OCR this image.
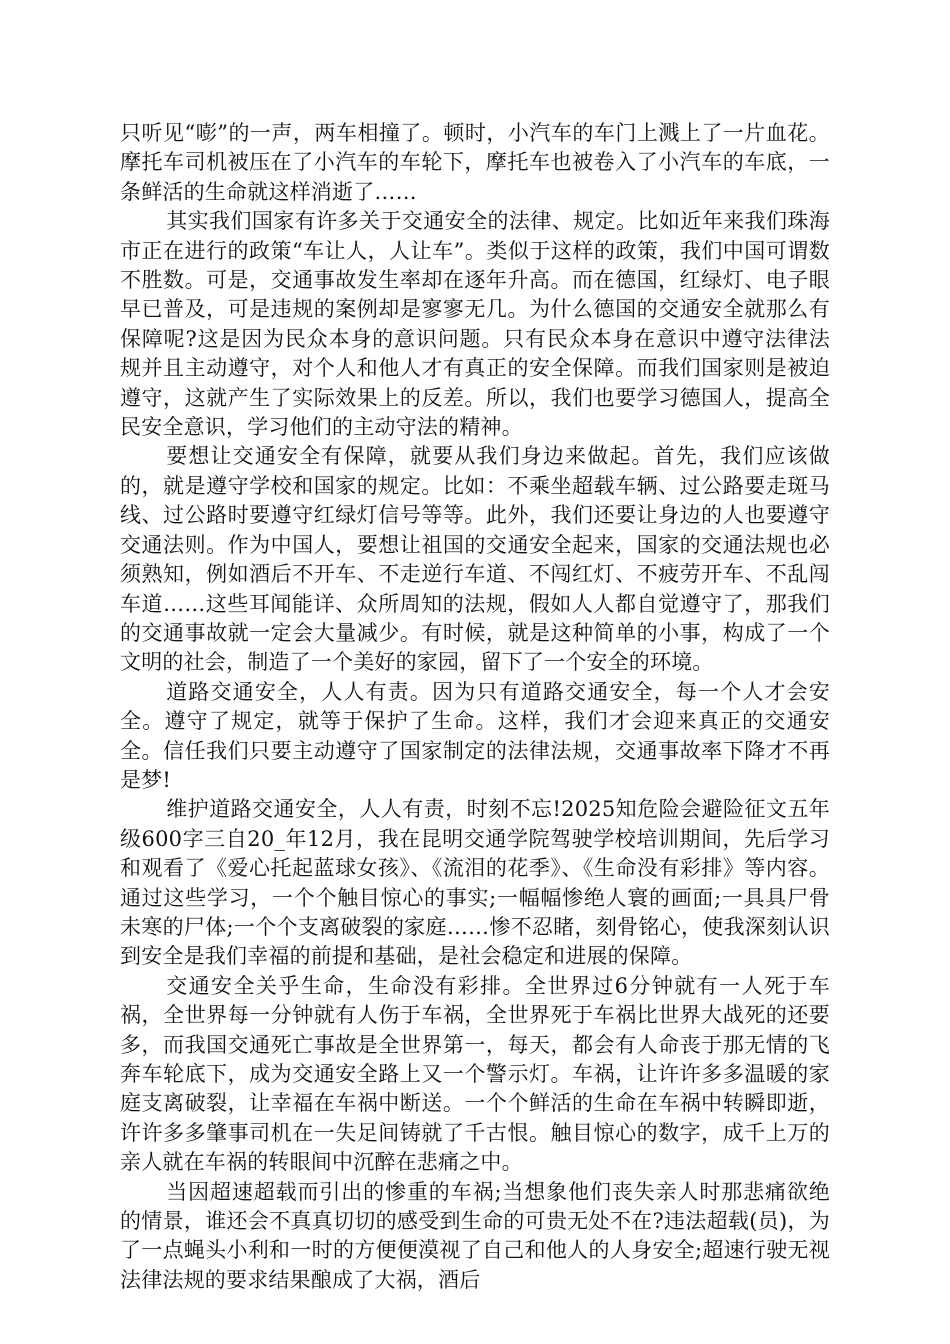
只听见“嘭”的一声，两车相撞了。顿时，小汽车的车门上溅上了一片血花。摩托车司机被压在了小汽车的车轮下，摩托车也被卷入了小汽车的车底，一条鲜活的生命就这样消逝了……

其实我们国家有许多关于交通安全的法律、规定。比如近年来我们珠海市正在进行的政策“车让人，人让车”。类似于这样的政策，我们中国可谓数不胜数。可是，交通事故发生率却在逐年升高。而在德国，红绿灯、电子眼早已普及，可是违规的案例却是寥寥无几。为什么德国的交通安全就那么有保障呢?这是因为民众本身的意识问题。只有民众本身在意识中遵守法律法规并且主动遵守，对个人和他人才有真正的安全保障。而我们国家则是被迫遵守，这就产生了实际效果上的反差。所以，我们也要学习德国人，提高全民安全意识，学习他们的主动守法的精神。

要想让交通安全有保障，就要从我们身边来做起。首先，我们应该做的，就是遵守学校和国家的规定。比如：不乘坐超载车辆、过公路要走斑马线、过公路时要遵守红绿灯信号等等。此外，我们还要让身边的人也要遵守交通法则。作为中国人，要想让祖国的交通安全起来，国家的交通法规也必须熟知，例如酒后不开车、不走逆行车道、不闯红灯、不疲劳开车、不乱闯车道……这些耳闻能详、众所周知的法规，假如人人都自觉遵守了，那我们的交通事故就一定会大量减少。有时候，就是这种简单的小事，构成了一个文明的社会，制造了一个美好的家园，留下了一个安全的环境。

道路交通安全，人人有责。因为只有道路交通安全，每一个人才会安全。遵守了规定，就等于保护了生命。这样，我们才会迎来真正的交通安全。信任我们只要主动遵守了国家制定的法律法规，交通事故率下降才不再是梦!

维护道路交通安全，人人有责，时刻不忘!2025知危险会避险征文五年级600字三自20_年12月，我在昆明交通学院驾驶学校培训期间，先后学习和观看了《爱心托起蓝球女孩》、《流泪的花季》、《生命没有彩排》等内容。通过这些学习，一个个触目惊心的事实;一幅幅惨绝人寰的画面;一具具尸骨未寒的尸体;一个个支离破裂的家庭……惨不忍睹，刻骨铭心，使我深刻认识到安全是我们幸福的前提和基础，是社会稳定和进展的保障。

交通安全关乎生命，生命没有彩排。全世界过6分钟就有一人死于车祸，全世界每一分钟就有人伤于车祸，全世界死于车祸比世界大战死的还要多，而我国交通死亡事故是全世界第一，每天，都会有人命丧于那无情的飞奔车轮底下，成为交通安全路上又一个警示灯。车祸，让许许多多温暖的家庭支离破裂，让幸福在车祸中断送。一个个鲜活的生命在车祸中转瞬即逝，许许多多肇事司机在一失足间铸就了千古恨。触目惊心的数字，成千上万的亲人就在车祸的转眼间中沉醉在悲痛之中。

当因超速超载而引出的惨重的车祸;当想象他们丧失亲人时那悲痛欲绝的情景，谁还会不真真切切的感受到生命的可贵无处不在?违法超载(员)，为了一点蝇头小利和一时的方便便漠视了自己和他人的人身安全;超速行驶无视法律法规的要求结果酿成了大祸，酒后
